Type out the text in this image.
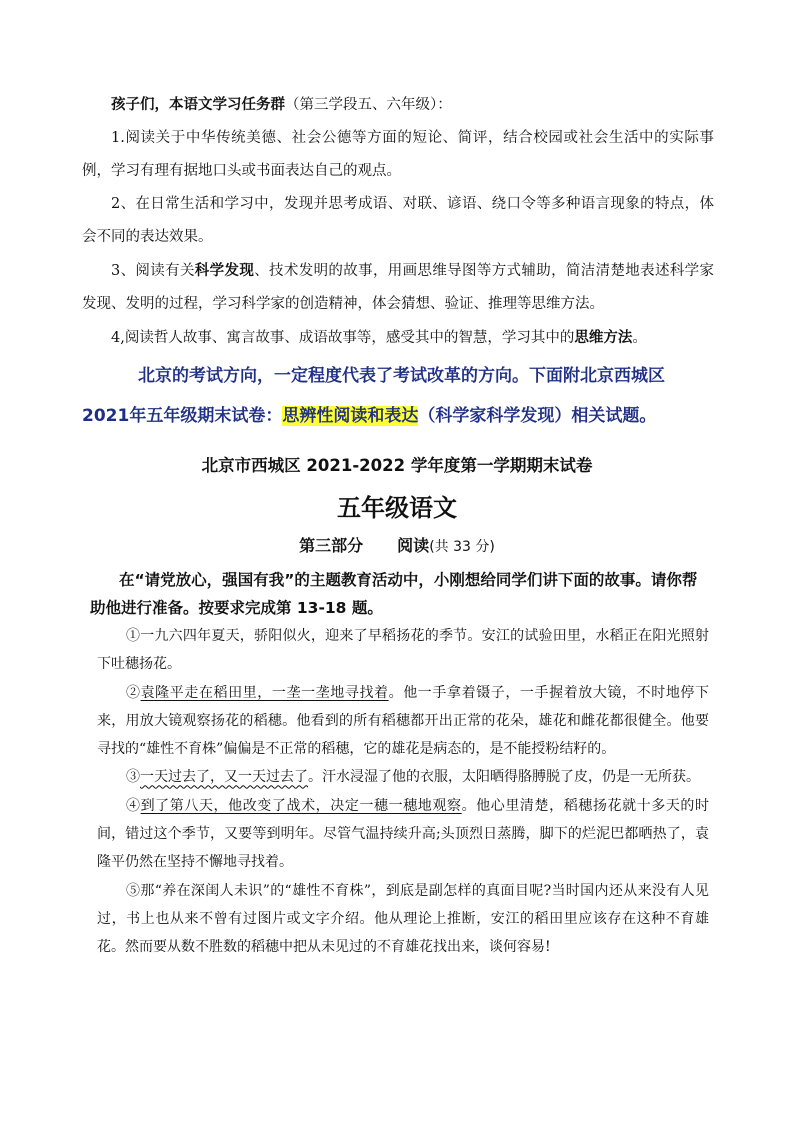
孩子们，本语文学习任务群（第三学段五、六年级）：

1.阅读关于中华传统美德、社会公德等方面的短论、简评，结合校园或社会生活中的实际事例，学习有理有据地口头或书面表达自己的观点。

2、在日常生活和学习中，发现并思考成语、对联、谚语、绕口令等多种语言现象的特点，体会不同的表达效果。

3、阅读有关科学发现、技术发明的故事，用画思维导图等方式辅助，简洁清楚地表述科学家发现、发明的过程，学习科学家的创造精神，体会猜想、验证、推理等思维方法。

4,阅读哲人故事、寓言故事、成语故事等，感受其中的智慧，学习其中的思维方法。

北京的考试方向，一定程度代表了考试改革的方向。下面附北京西城区

2021年五年级期末试卷：思辨性阅读和表达（科学家科学发现）相关试题。

北京市西城区 2021-2022 学年度第一学期期末试卷

五年级语文

第三部分 阅读(共 33 分)

在“请党放心，强国有我”的主题教育活动中，小刚想给同学们讲下面的故事。请你帮助他进行准备。按要求完成第 13-18 题。

①一九六四年夏天，骄阳似火，迎来了早稻扬花的季节。安江的试验田里，水稻正在阳光照射下吐穗扬花。

②袁隆平走在稻田里，一垄一垄地寻找着。他一手拿着镊子，一手握着放大镜，不时地停下来，用放大镜观察扬花的稻穗。他看到的所有稻穗都开出正常的花朵，雄花和雌花都很健全。他要寻找的“雄性不育株”偏偏是不正常的稻穗，它的雄花是病态的，是不能授粉结籽的。

③一天过去了，又一天过去了。汗水浸湿了他的衣服，太阳晒得胳膊脱了皮，仍是一无所获。

④到了第八天，他改变了战术，决定一穗一穗地观察。他心里清楚，稻穗扬花就十多天的时间，错过这个季节，又要等到明年。尽管气温持续升高;头顶烈日蒸腾，脚下的烂泥巴都晒热了，袁隆平仍然在坚持不懈地寻找着。

⑤那“养在深闺人未识”的“雄性不育株”，到底是副怎样的真面目呢?当时国内还从来没有人见过，书上也从来不曾有过图片或文字介绍。他从理论上推断，安江的稻田里应该存在这种不育雄花。然而要从数不胜数的稻穗中把从未见过的不育雄花找出来，谈何容易!
